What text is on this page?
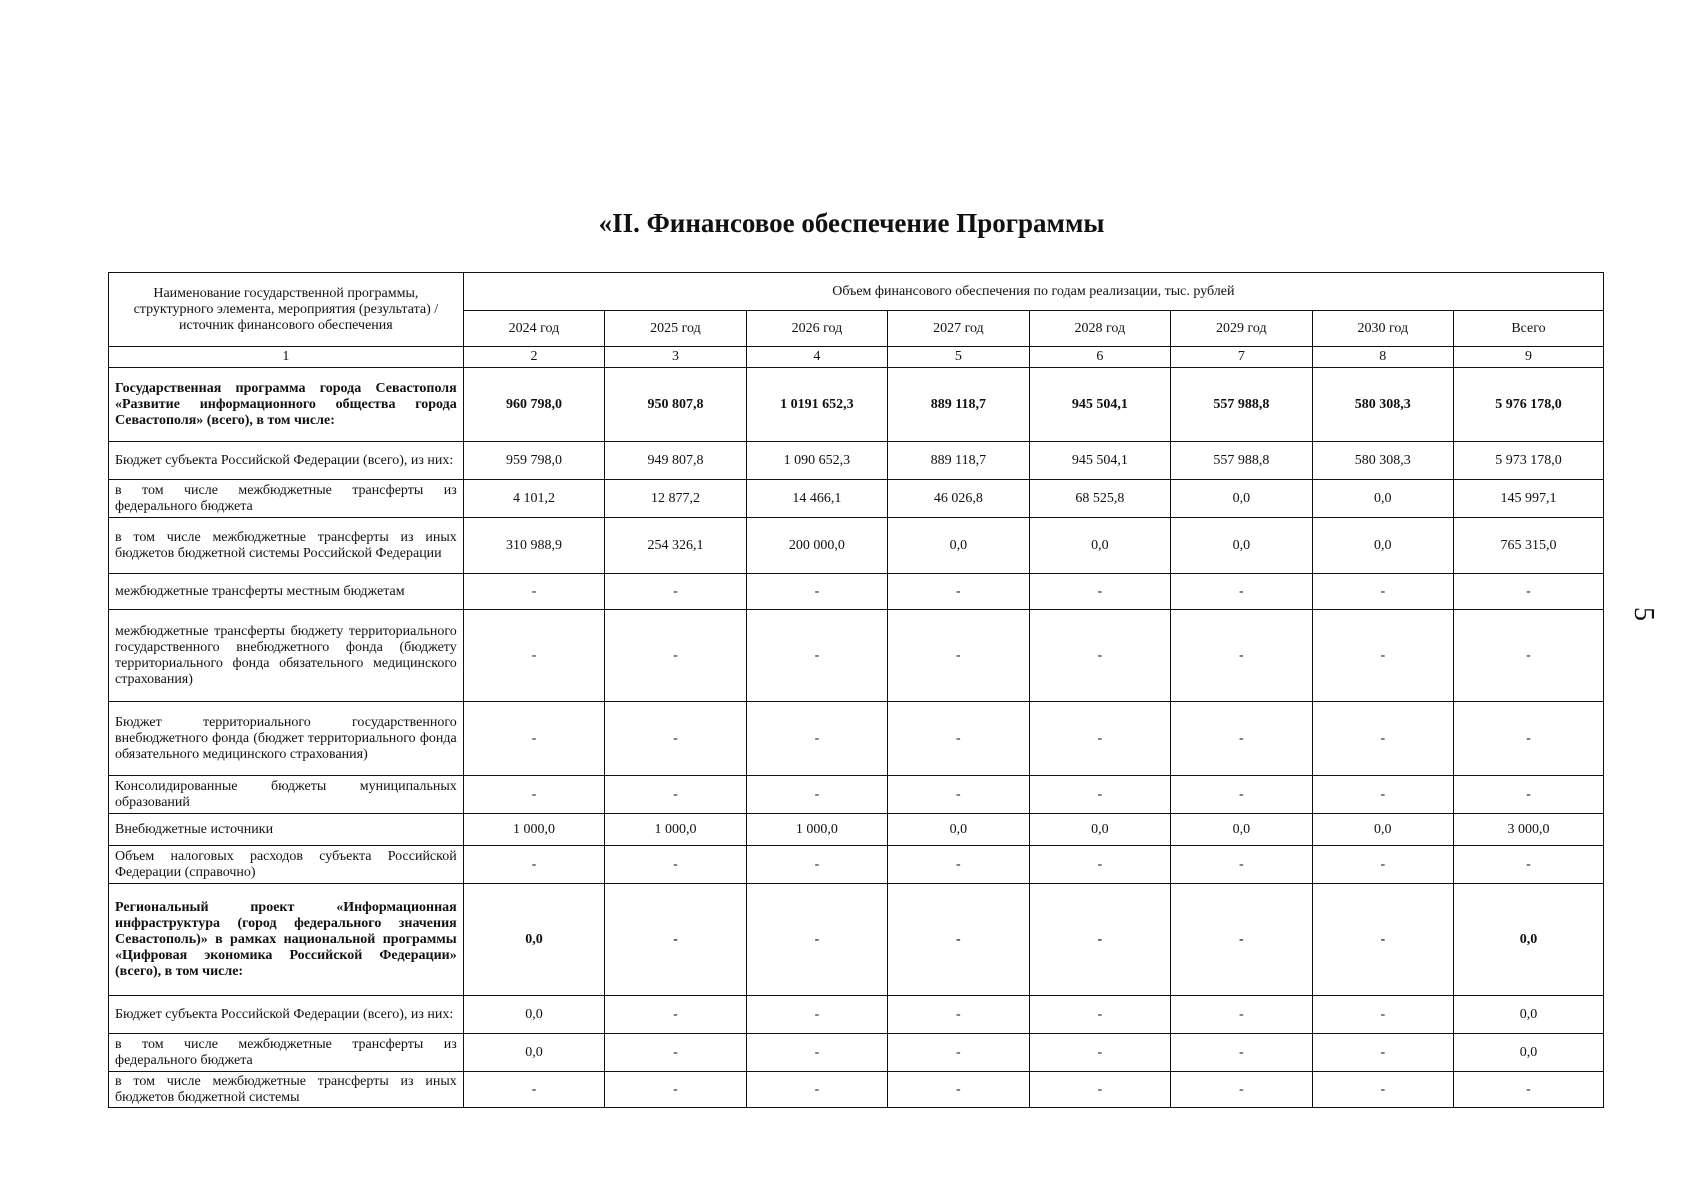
«II. Финансовое обеспечение Программы
5
Наименование государственной программы, структурного элемента, мероприятия (результата) / источник финансового обеспечения	Объем финансового обеспечения по годам реализации, тыс. рублей							
	2024 год	2025 год	2026 год	2027 год	2028 год	2029 год	2030 год	Всего
1	2	3	4	5	6	7	8	9
Государственная программа города Севастополя «Развитие информационного общества города Севастополя» (всего), в том числе:	960 798,0	950 807,8	1 0191 652,3	889 118,7	945 504,1	557 988,8	580 308,3	5 976 178,0
Бюджет субъекта Российской Федерации (всего), из них:	959 798,0	949 807,8	1 090 652,3	889 118,7	945 504,1	557 988,8	580 308,3	5 973 178,0
в том числе межбюджетные трансферты из федерального бюджета	4 101,2	12 877,2	14 466,1	46 026,8	68 525,8	0,0	0,0	145 997,1
в том числе межбюджетные трансферты из иных бюджетов бюджетной системы Российской Федерации	310 988,9	254 326,1	200 000,0	0,0	0,0	0,0	0,0	765 315,0
межбюджетные трансферты местным бюджетам	-	-	-	-	-	-	-	-
межбюджетные трансферты бюджету территориального государственного внебюджетного фонда (бюджету территориального фонда обязательного медицинского страхования)	-	-	-	-	-	-	-	-
Бюджет территориального государственного внебюджетного фонда (бюджет территориального фонда обязательного медицинского страхования)	-	-	-	-	-	-	-	-
Консолидированные бюджеты муниципальных образований	-	-	-	-	-	-	-	-
Внебюджетные источники	1 000,0	1 000,0	1 000,0	0,0	0,0	0,0	0,0	3 000,0
Объем налоговых расходов субъекта Российской Федерации (справочно)	-	-	-	-	-	-	-	-
Региональный проект «Информационная инфраструктура (город федерального значения Севастополь)» в рамках национальной программы «Цифровая экономика Российской Федерации» (всего), в том числе:	0,0	-	-	-	-	-	-	0,0
Бюджет субъекта Российской Федерации (всего), из них:	0,0	-	-	-	-	-	-	0,0
в том числе межбюджетные трансферты из федерального бюджета	0,0	-	-	-	-	-	-	0,0
в том числе межбюджетные трансферты из иных бюджетов бюджетной системы	-	-	-	-	-	-	-	-
